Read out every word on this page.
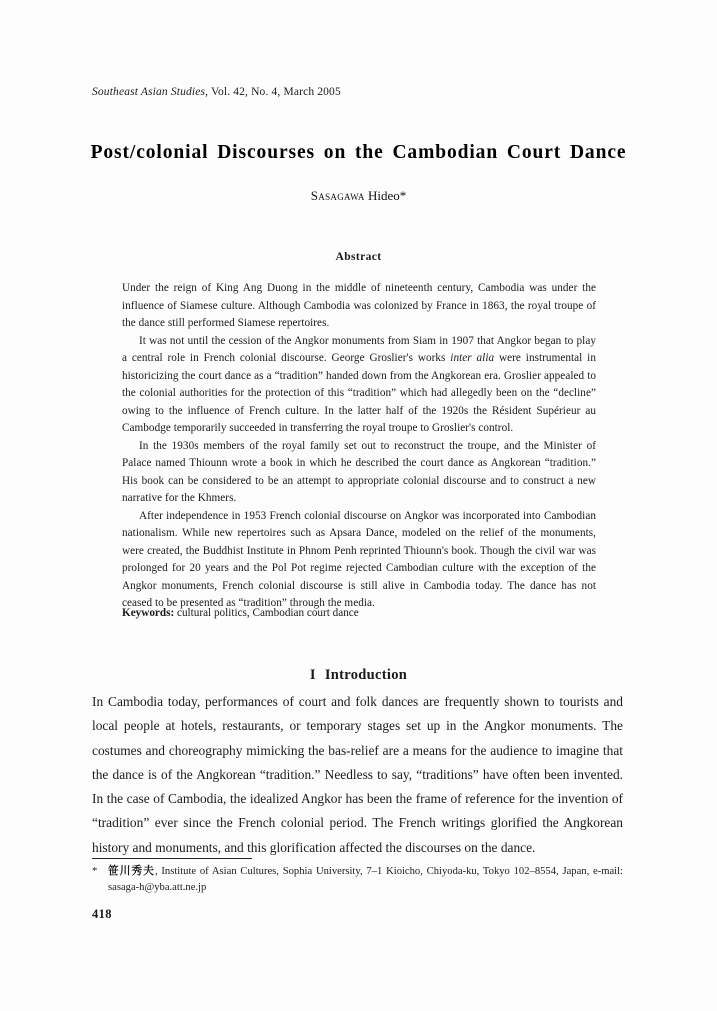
Southeast Asian Studies, Vol. 42, No. 4, March 2005
Post/colonial Discourses on the Cambodian Court Dance
Sasagawa Hideo*
Abstract

Under the reign of King Ang Duong in the middle of nineteenth century, Cambodia was under the influence of Siamese culture. Although Cambodia was colonized by France in 1863, the royal troupe of the dance still performed Siamese repertoires.

It was not until the cession of the Angkor monuments from Siam in 1907 that Angkor began to play a central role in French colonial discourse. George Groslier's works inter alia were instrumental in historicizing the court dance as a “tradition” handed down from the Angkorean era. Groslier appealed to the colonial authorities for the protection of this “tradition” which had allegedly been on the “decline” owing to the influence of French culture. In the latter half of the 1920s the Résident Supérieur au Cambodge temporarily succeeded in transferring the royal troupe to Groslier's control.

In the 1930s members of the royal family set out to reconstruct the troupe, and the Minister of Palace named Thiounn wrote a book in which he described the court dance as Angkorean “tradition.” His book can be considered to be an attempt to appropriate colonial discourse and to construct a new narrative for the Khmers.

After independence in 1953 French colonial discourse on Angkor was incorporated into Cambodian nationalism. While new repertoires such as Apsara Dance, modeled on the relief of the monuments, were created, the Buddhist Institute in Phnom Penh reprinted Thiounn's book. Though the civil war was prolonged for 20 years and the Pol Pot regime rejected Cambodian culture with the exception of the Angkor monuments, French colonial discourse is still alive in Cambodia today. The dance has not ceased to be presented as “tradition” through the media.

Keywords: cultural politics, Cambodian court dance
I Introduction

In Cambodia today, performances of court and folk dances are frequently shown to tourists and local people at hotels, restaurants, or temporary stages set up in the Angkor monuments. The costumes and choreography mimicking the bas-relief are a means for the audience to imagine that the dance is of the Angkorean “tradition.” Needless to say, “traditions” have often been invented. In the case of Cambodia, the idealized Angkor has been the frame of reference for the invention of “tradition” ever since the French colonial period. The French writings glorified the Angkorean history and monuments, and this glorification affected the discourses on the dance.

*	笹川秀夫, Institute of Asian Cultures, Sophia University, 7–1 Kioicho, Chiyoda-ku, Tokyo 102–8554, Japan, e-mail: sasaga-h@yba.att.ne.jp
418
